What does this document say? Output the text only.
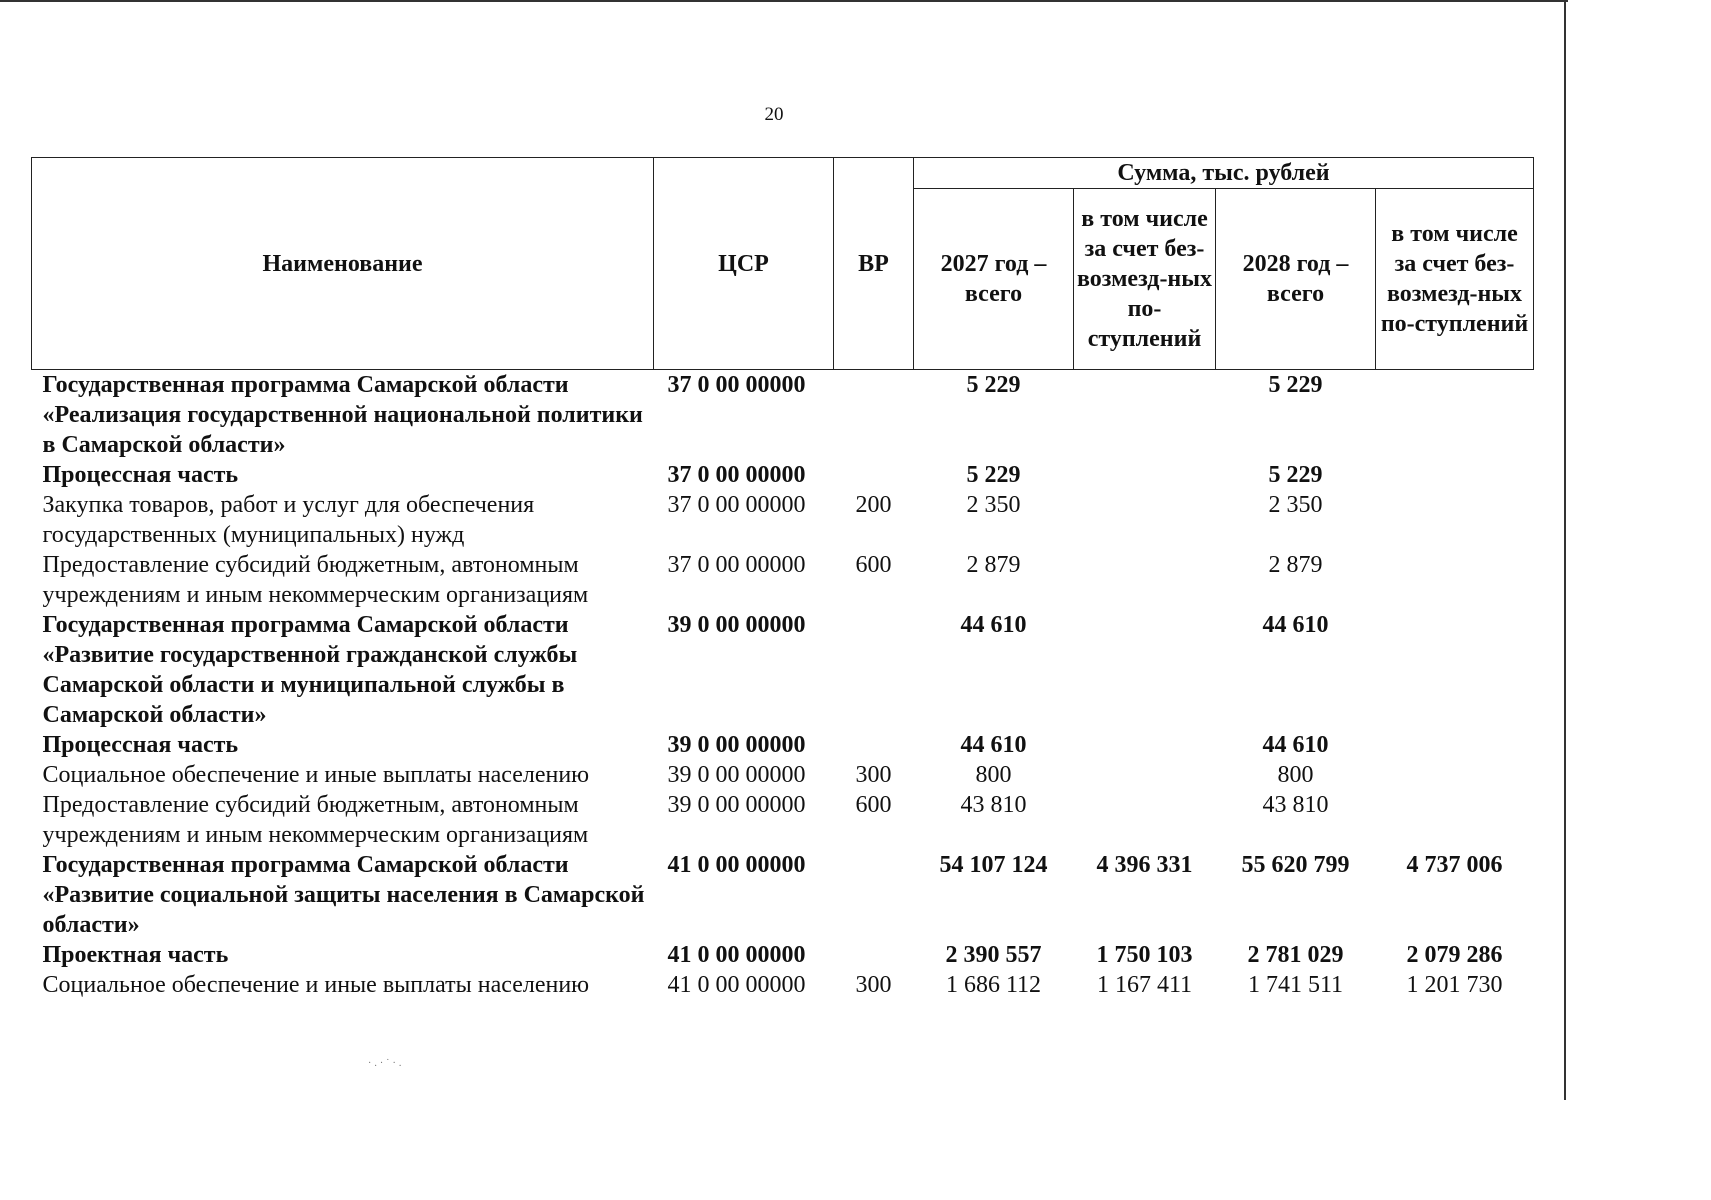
20
Наименование	ЦСР	ВР	Сумма, тыс. рублей			
			2027 год – всего	в том числе за счет без-возмезд-ных по-ступлений	2028 год – всего	в том числе за счет без-возмезд-ных по-ступлений
Государственная программа Самарской области «Реализация государственной национальной политики в Самарской области»	37 0 00 00000		5 229		5 229	
Процессная часть	37 0 00 00000		5 229		5 229	
Закупка товаров, работ и услуг для обеспечения государственных (муниципальных) нужд	37 0 00 00000	200	2 350		2 350	
Предоставление субсидий бюджетным, автономным учреждениям и иным некоммерческим организациям	37 0 00 00000	600	2 879		2 879	
Государственная программа Самарской области «Развитие государственной гражданской службы Самарской области и муниципальной службы в Самарской области»	39 0 00 00000		44 610		44 610	
Процессная часть	39 0 00 00000		44 610		44 610	
Социальное обеспечение и иные выплаты населению	39 0 00 00000	300	800		800	
Предоставление субсидий бюджетным, автономным учреждениям и иным некоммерческим организациям	39 0 00 00000	600	43 810		43 810	
Государственная программа Самарской области «Развитие социальной защиты населения в Самарской области»	41 0 00 00000		54 107 124	4 396 331	55 620 799	4 737 006
Проектная часть	41 0 00 00000		2 390 557	1 750 103	2 781 029	2 079 286
Социальное обеспечение и иные выплаты населению	41 0 00 00000	300	1 686 112	1 167 411	1 741 511	1 201 730
·.·˙·.
